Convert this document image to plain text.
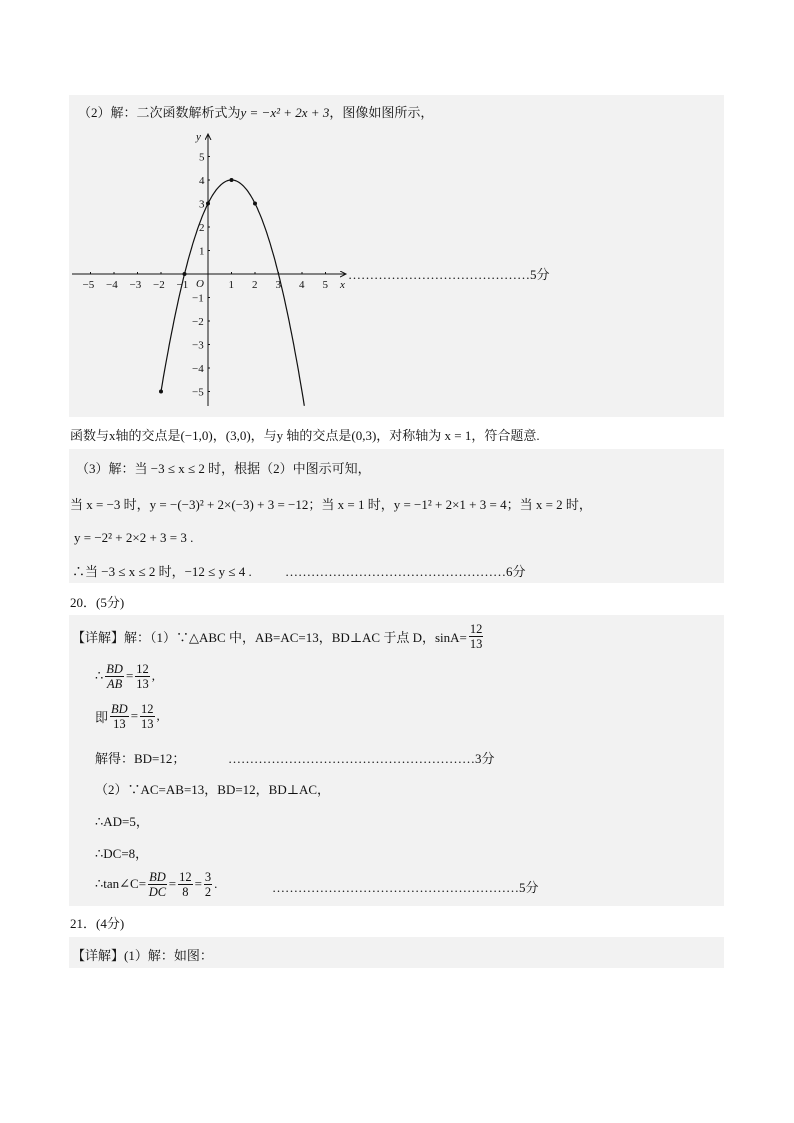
（2）解：二次函数解析式为y = −x² + 2x + 3，图像如图所示，
−5 −4 −3 −2 −1	1 2 3 4 5
5
4
3
2
1
−1
−2
−3
−4
−5
x
y
O
……………………………………5分
函数与x轴的交点是(−1,0)，(3,0)，与y 轴的交点是(0,3)，对称轴为 x = 1，符合题意.
（3）解：当 −3 ≤ x ≤ 2 时，根据（2）中图示可知，
当 x = −3 时，y = −(−3)² + 2×(−3) + 3 = −12；当 x = 1 时，y = −1² + 2×1 + 3 = 4；当 x = 2 时，
y = −2² + 2×2 + 3 = 3 .
∴当 −3 ≤ x ≤ 2 时，−12 ≤ y ≤ 4 .	……………………………………………6分
20．(5分)
【详解】解：（1）∵△ABC 中，AB=AC=13，BD⊥AC 于点 D，$\sin A= \frac{12}{13}$
∴ $\frac{BD}{AB} = \frac{12}{13}$ ,
即 $\frac{BD}{13} = \frac{12}{13}$ ,
解得：BD=12；	…………………………………………………3分
（2）∵AC=AB=13，BD=12，BD⊥AC，
∴AD=5，
∴DC=8，
∴tan∠C= $\frac{BD}{DC} = \frac{12}{8} = \frac{3}{2}$ .	…………………………………………………5分
21．(4分)
【详解】(1）解：如图：
